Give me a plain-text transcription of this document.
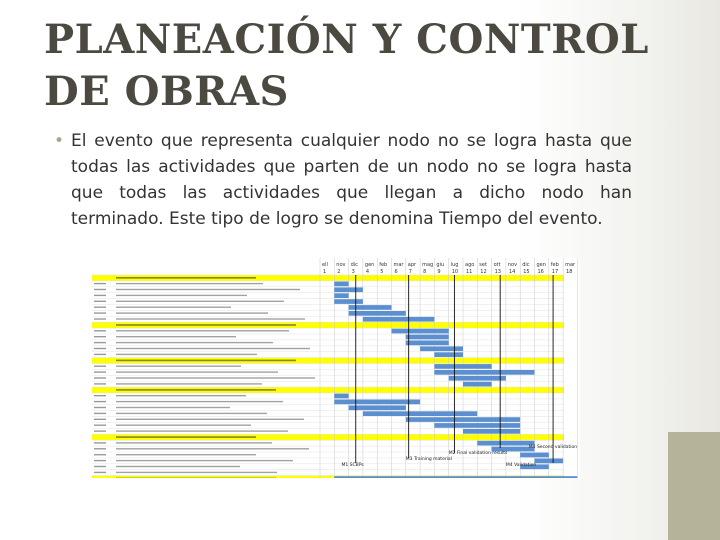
PLANEACIÓN Y CONTROL DE OBRAS
• El evento que representa cualquier nodo no se logra hasta que todas las actividades que parten de un nodo no se logra hasta que todas las actividades que llegan a dicho nodo han terminado. Este tipo de logro se denomina Tiempo del evento.
ell
1
nov
2
dic
3
gen
4
feb
5
mar
6
apr
7
mag
8
giu
9
lug
10
ago
11
set
12
ott
13
nov
14
dic
15
gen
16
feb
17
mar
18
M4 Second validation
M2 Final validation results
M3 Training material
M4 Validation
M1 SCBPs
